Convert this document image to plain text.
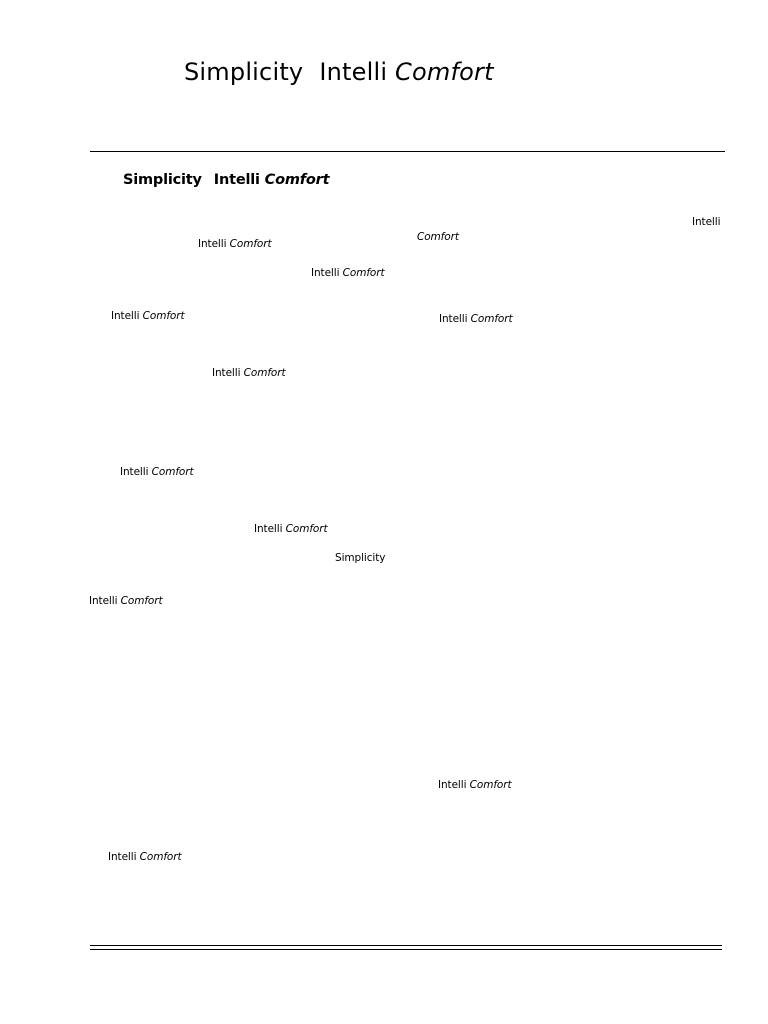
Simplicity Intelli Comfort
Simplicity Intelli Comfort
Intelli
Comfort
Intelli Comfort
Intelli Comfort
Intelli Comfort	Intelli Comfort
Intelli Comfort
Intelli Comfort
Intelli Comfort
Simplicity
Intelli Comfort
Intelli Comfort
Intelli Comfort
